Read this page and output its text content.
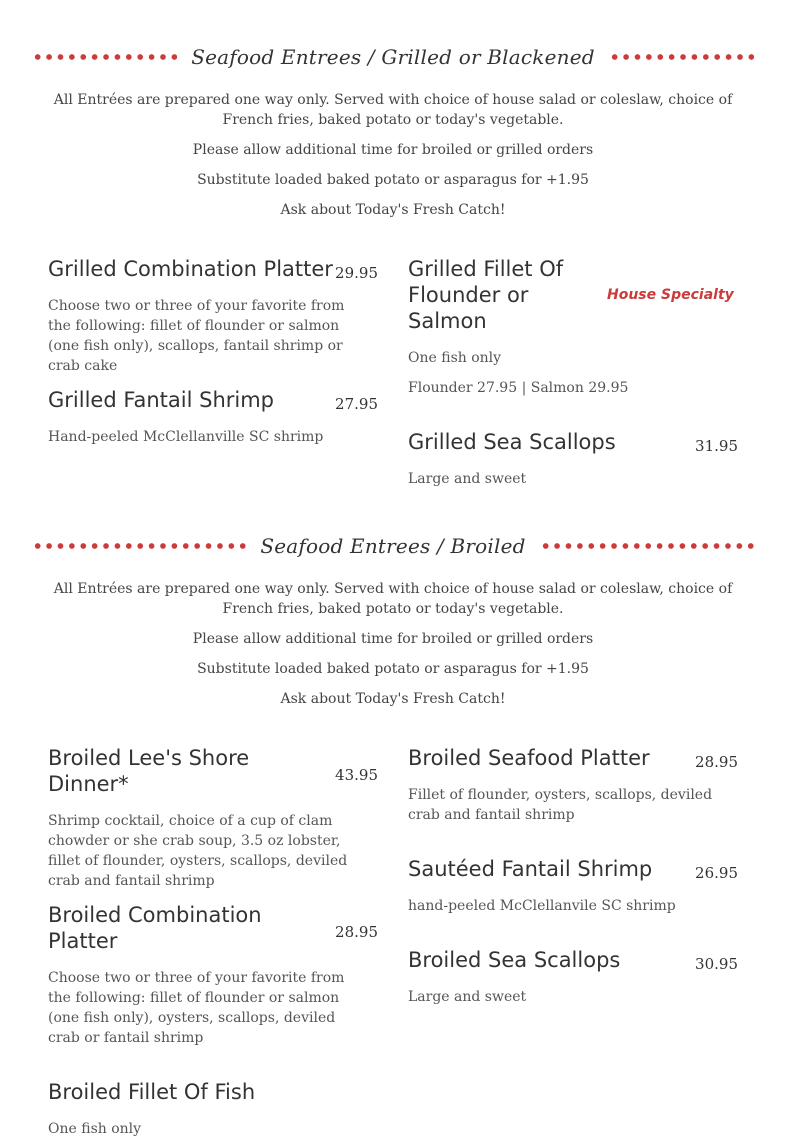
Seafood Entrees / Grilled or Blackened
All Entrées are prepared one way only. Served with choice of house salad or coleslaw, choice of French fries, baked potato or today's vegetable.
Please allow additional time for broiled or grilled orders
Substitute loaded baked potato or asparagus for +1.95
Ask about Today's Fresh Catch!
Grilled Combination Platter 29.95
Choose two or three of your favorite from the following: fillet of flounder or salmon (one fish only), scallops, fantail shrimp or crab cake
Grilled Fillet Of Flounder or Salmon
House Specialty
One fish only
Flounder 27.95 | Salmon 29.95
Grilled Fantail Shrimp	27.95
Hand-peeled McClellanville SC shrimp	Grilled Sea Scallops	31.95
Large and sweet
Seafood Entrees / Broiled
All Entrées are prepared one way only. Served with choice of house salad or coleslaw, choice of French fries, baked potato or today's vegetable.
Please allow additional time for broiled or grilled orders
Substitute loaded baked potato or asparagus for +1.95
Ask about Today's Fresh Catch!
Broiled Lee's Shore Dinner*	43.95
Shrimp cocktail, choice of a cup of clam chowder or she crab soup, 3.5 oz lobster, fillet of flounder, oysters, scallops, deviled crab and fantail shrimp
Broiled Seafood Platter	28.95
Fillet of flounder, oysters, scallops, deviled crab and fantail shrimp
Broiled Combination Platter	28.95
Choose two or three of your favorite from the following: fillet of flounder or salmon (one fish only), oysters, scallops, deviled crab or fantail shrimp
Sautéed Fantail Shrimp	26.95
hand-peeled McClellanvile SC shrimp
Broiled Fillet Of Fish
One fish only
Broiled Sea Scallops	30.95
Large and sweet
